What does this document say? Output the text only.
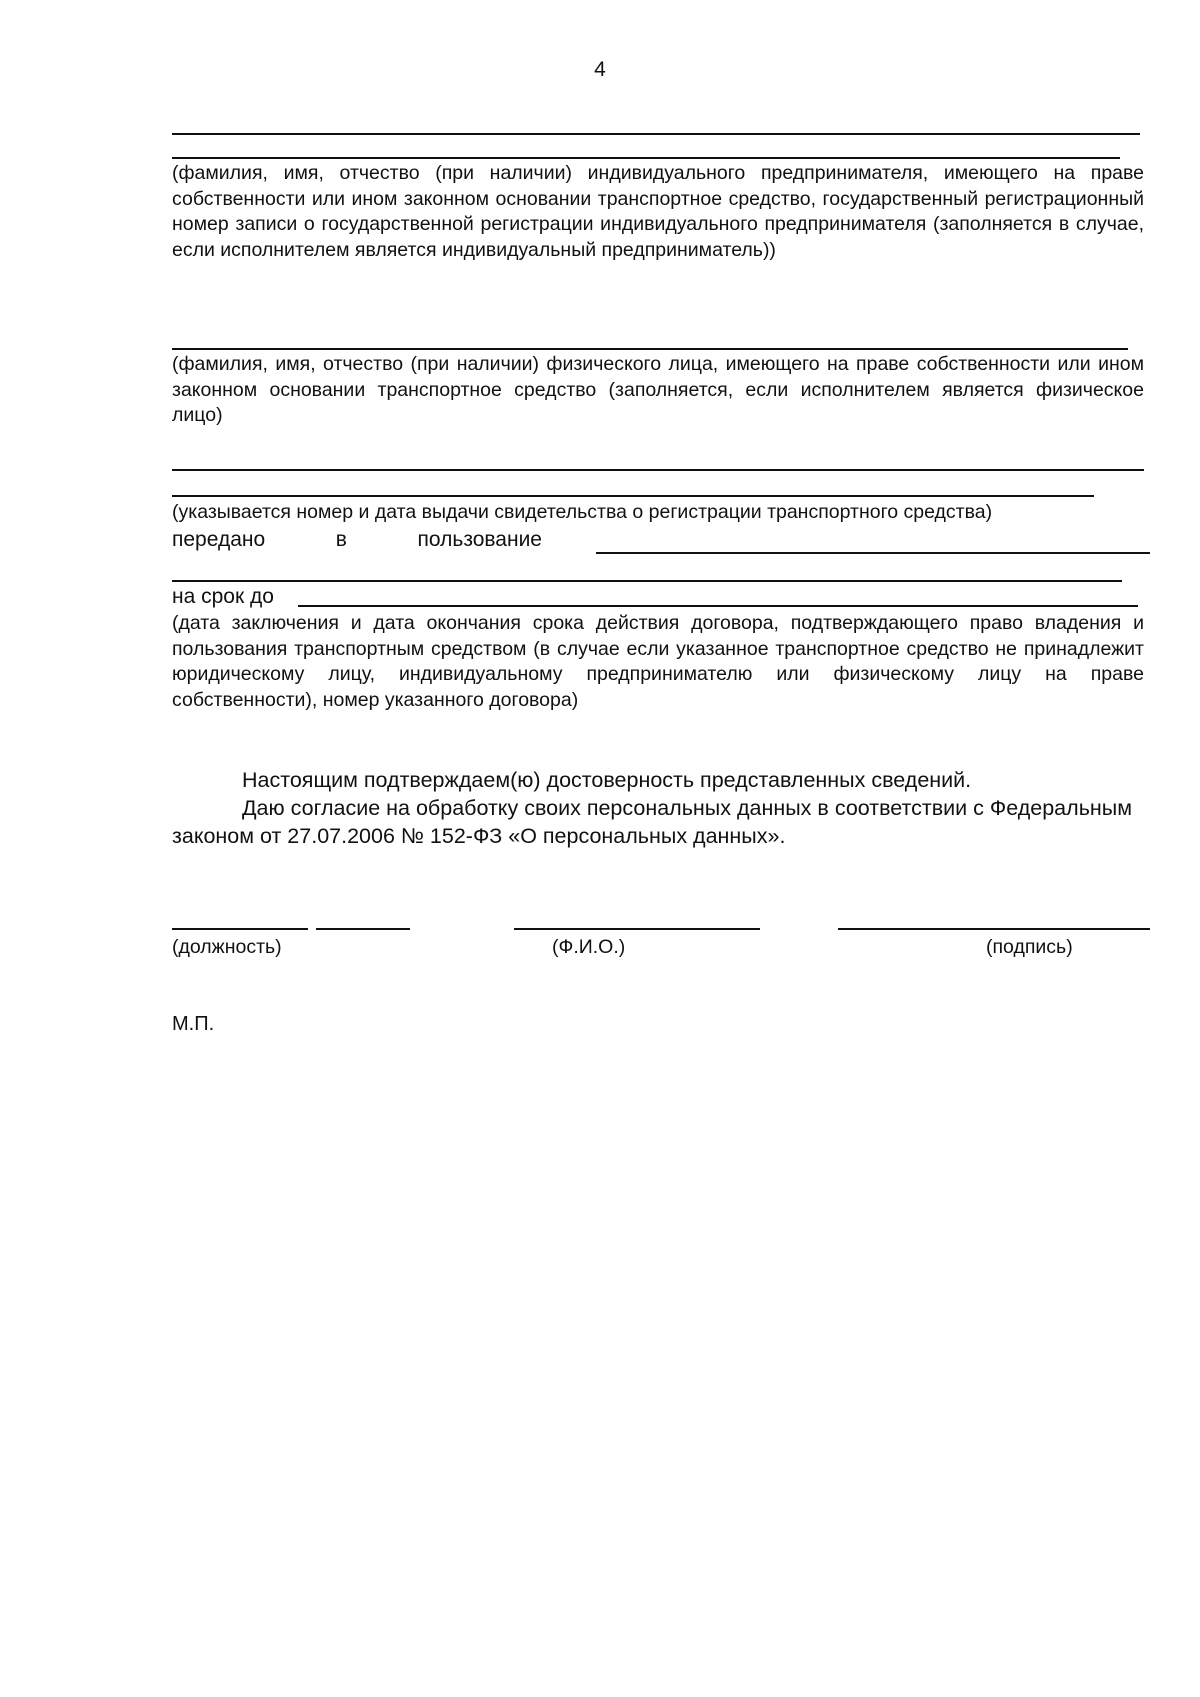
4
(фамилия, имя, отчество (при наличии) индивидуального предпринимателя, имеющего на праве собственности или ином законном основании транспортное средство, государственный регистрационный номер записи о государственной регистрации индивидуального предпринимателя (заполняется в случае, если исполнителем является индивидуальный предприниматель))
(фамилия, имя, отчество (при наличии) физического лица, имеющего на праве собственности или ином законном основании транспортное средство (заполняется, если исполнителем является физическое лицо)
(указывается номер и дата выдачи свидетельства о регистрации транспортного средства)
передано в пользование
на срок до
(дата заключения и дата окончания срока действия договора, подтверждающего право владения и пользования транспортным средством (в случае если указанное транспортное средство не принадлежит юридическому лицу, индивидуальному предпринимателю или физическому лицу на праве собственности), номер указанного договора)
Настоящим подтверждаем(ю) достоверность представленных сведений.
Даю согласие на обработку своих персональных данных в соответствии с Федеральным законом от 27.07.2006 № 152-ФЗ «О персональных данных».
(должность)	(Ф.И.О.)	(подпись)
М.П.
